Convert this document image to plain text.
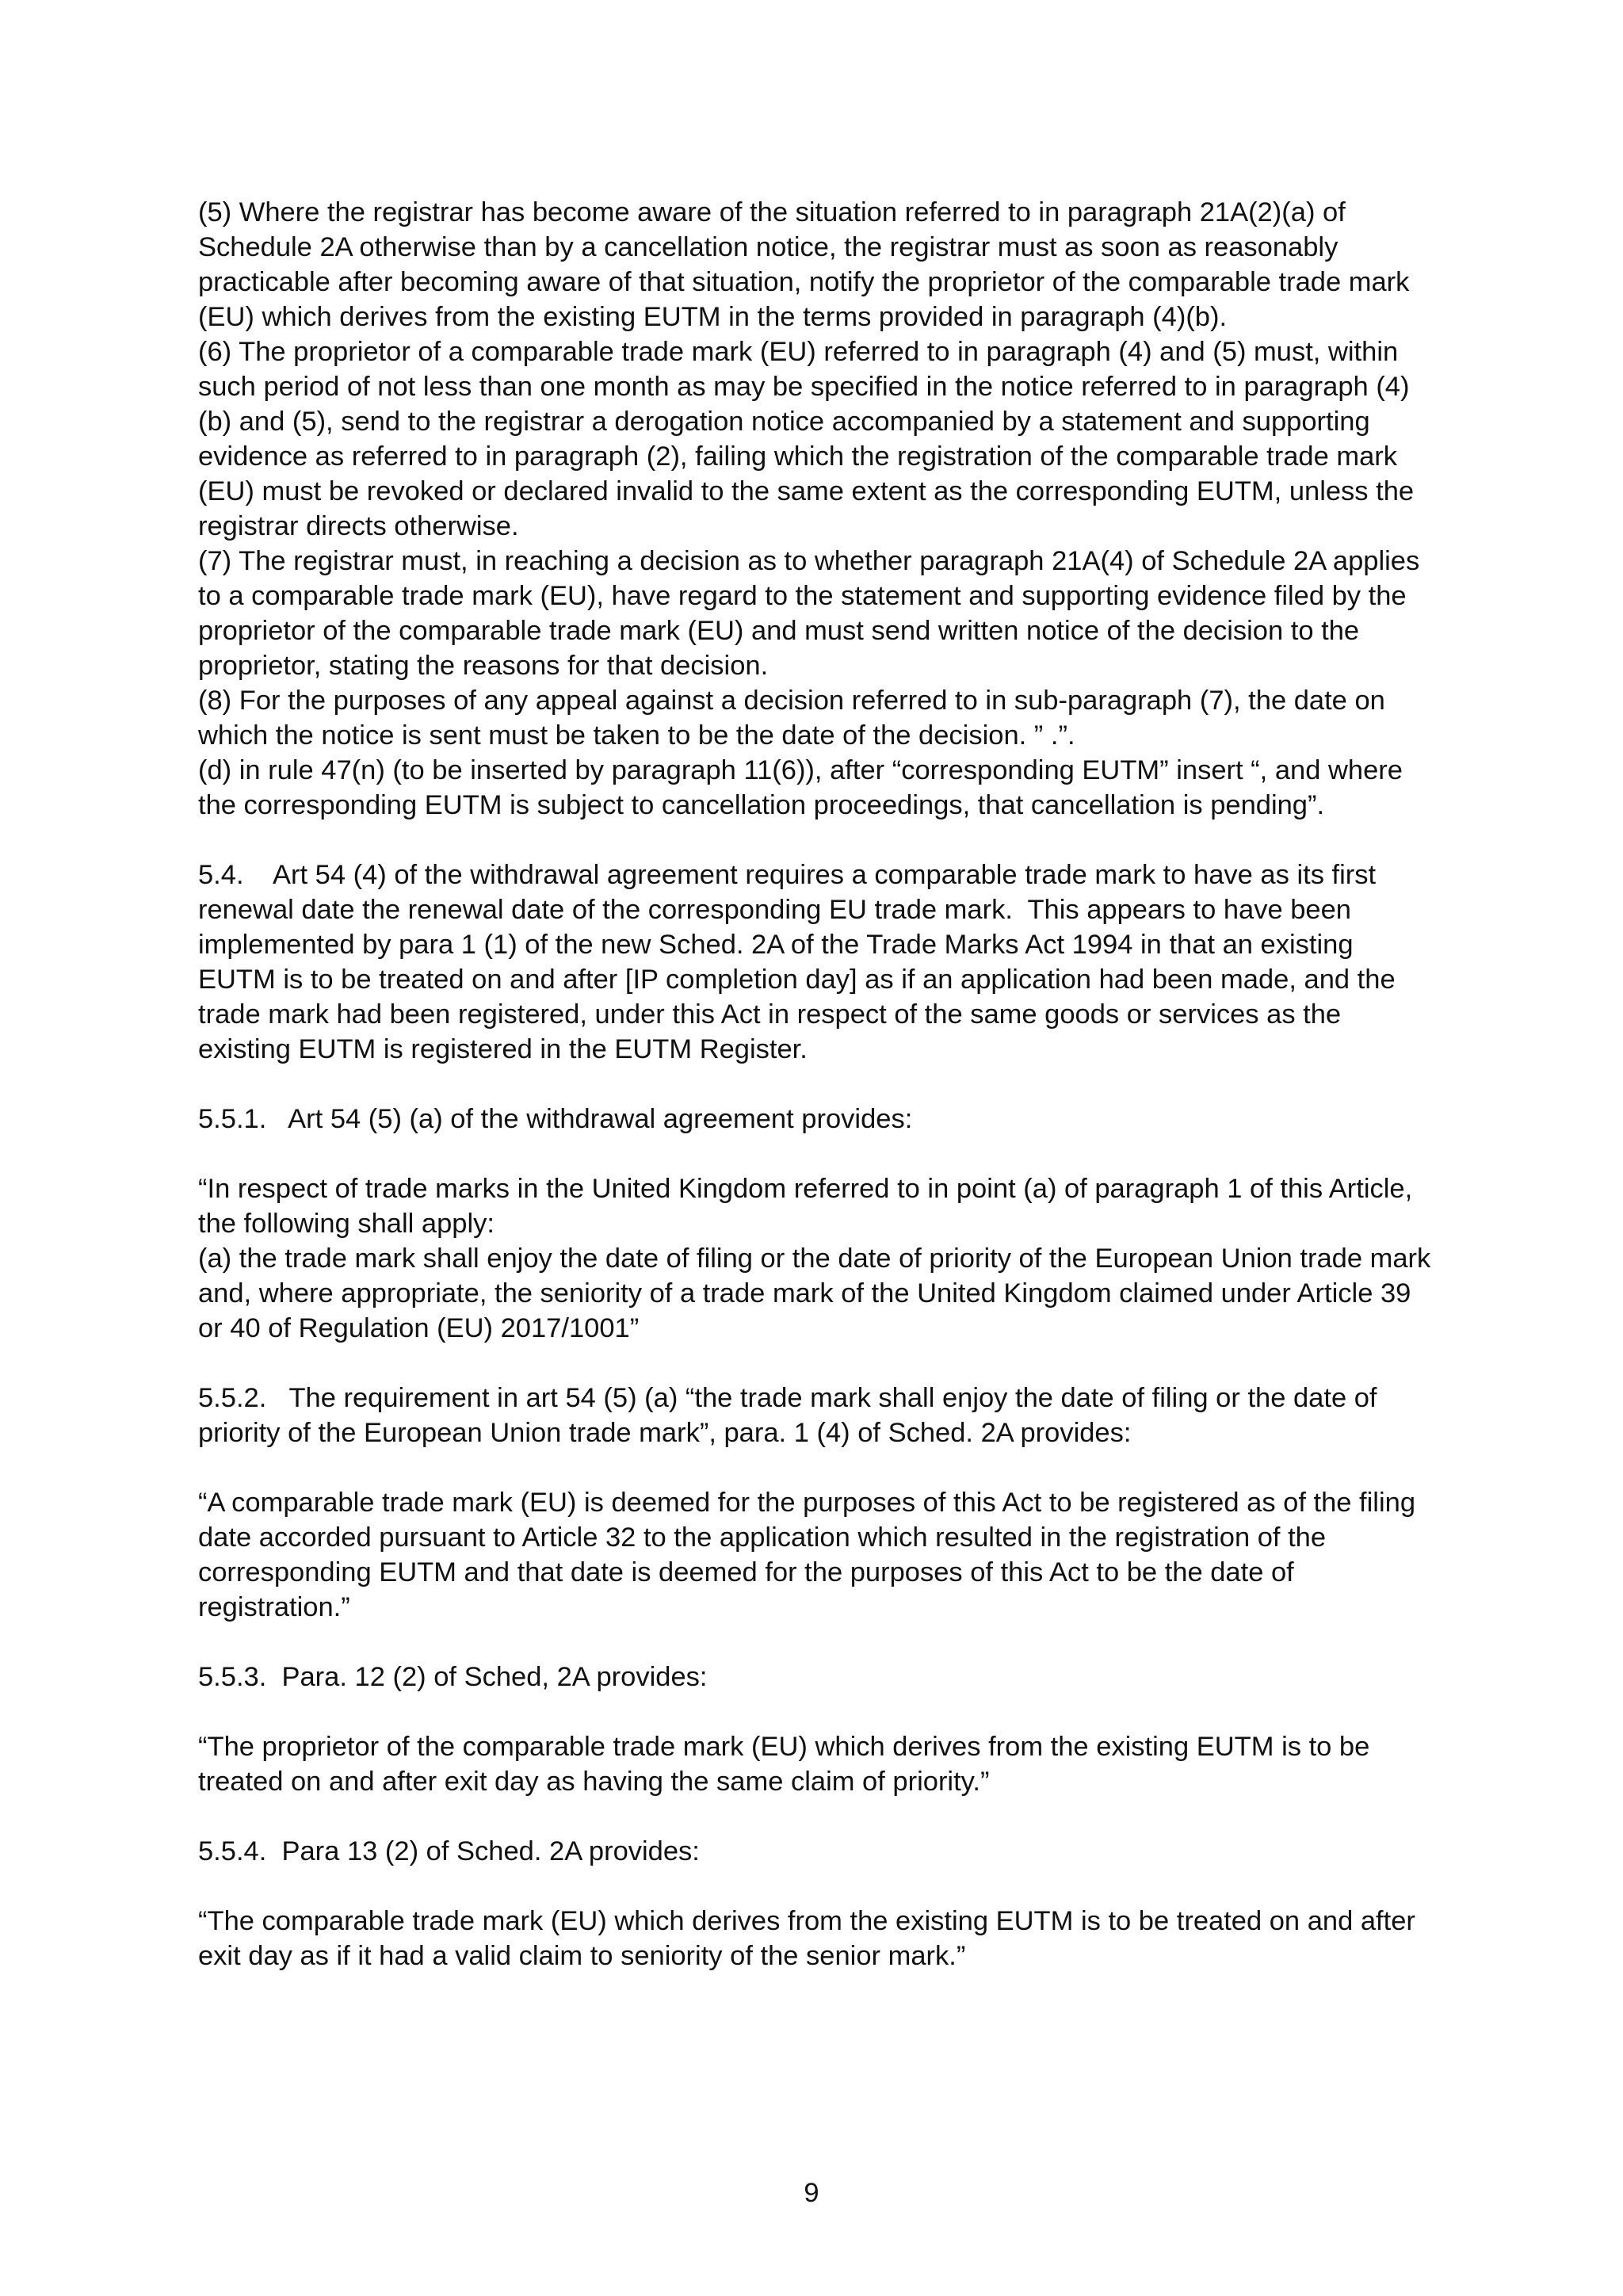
(5) Where the registrar has become aware of the situation referred to in paragraph 21A(2)(a) of Schedule 2A otherwise than by a cancellation notice, the registrar must as soon as reasonably practicable after becoming aware of that situation, notify the proprietor of the comparable trade mark (EU) which derives from the existing EUTM in the terms provided in paragraph (4)(b).

(6) The proprietor of a comparable trade mark (EU) referred to in paragraph (4) and (5) must, within such period of not less than one month as may be specified in the notice referred to in paragraph (4)(b) and (5), send to the registrar a derogation notice accompanied by a statement and supporting evidence as referred to in paragraph (2), failing which the registration of the comparable trade mark (EU) must be revoked or declared invalid to the same extent as the corresponding EUTM, unless the registrar directs otherwise.

(7) The registrar must, in reaching a decision as to whether paragraph 21A(4) of Schedule 2A applies to a comparable trade mark (EU), have regard to the statement and supporting evidence filed by the proprietor of the comparable trade mark (EU) and must send written notice of the decision to the proprietor, stating the reasons for that decision.

(8) For the purposes of any appeal against a decision referred to in sub-paragraph (7), the date on which the notice is sent must be taken to be the date of the decision. ” .”.

(d) in rule 47(n) (to be inserted by paragraph 11(6)), after “corresponding EUTM” insert “, and where the corresponding EUTM is subject to cancellation proceedings, that cancellation is pending”.

5.4.    Art 54 (4) of the withdrawal agreement requires a comparable trade mark to have as its first renewal date the renewal date of the corresponding EU trade mark.  This appears to have been implemented by para 1 (1) of the new Sched. 2A of the Trade Marks Act 1994 in that an existing EUTM is to be treated on and after [IP completion day] as if an application had been made, and the trade mark had been registered, under this Act in respect of the same goods or services as the existing EUTM is registered in the EUTM Register.

5.5.1.   Art 54 (5) (a) of the withdrawal agreement provides:

“In respect of trade marks in the United Kingdom referred to in point (a) of paragraph 1 of this Article, the following shall apply:

(a) the trade mark shall enjoy the date of filing or the date of priority of the European Union trade mark and, where appropriate, the seniority of a trade mark of the United Kingdom claimed under Article 39 or 40 of Regulation (EU) 2017/1001”

5.5.2.   The requirement in art 54 (5) (a) “the trade mark shall enjoy the date of filing or the date of priority of the European Union trade mark”, para. 1 (4) of Sched. 2A provides:

“A comparable trade mark (EU) is deemed for the purposes of this Act to be registered as of the filing date accorded pursuant to Article 32 to the application which resulted in the registration of the corresponding EUTM and that date is deemed for the purposes of this Act to be the date of registration.”

5.5.3.  Para. 12 (2) of Sched, 2A provides:

“The proprietor of the comparable trade mark (EU) which derives from the existing EUTM is to be treated on and after exit day as having the same claim of priority.”

5.5.4.  Para 13 (2) of Sched. 2A provides:

“The comparable trade mark (EU) which derives from the existing EUTM is to be treated on and after exit day as if it had a valid claim to seniority of the senior mark.”

9
